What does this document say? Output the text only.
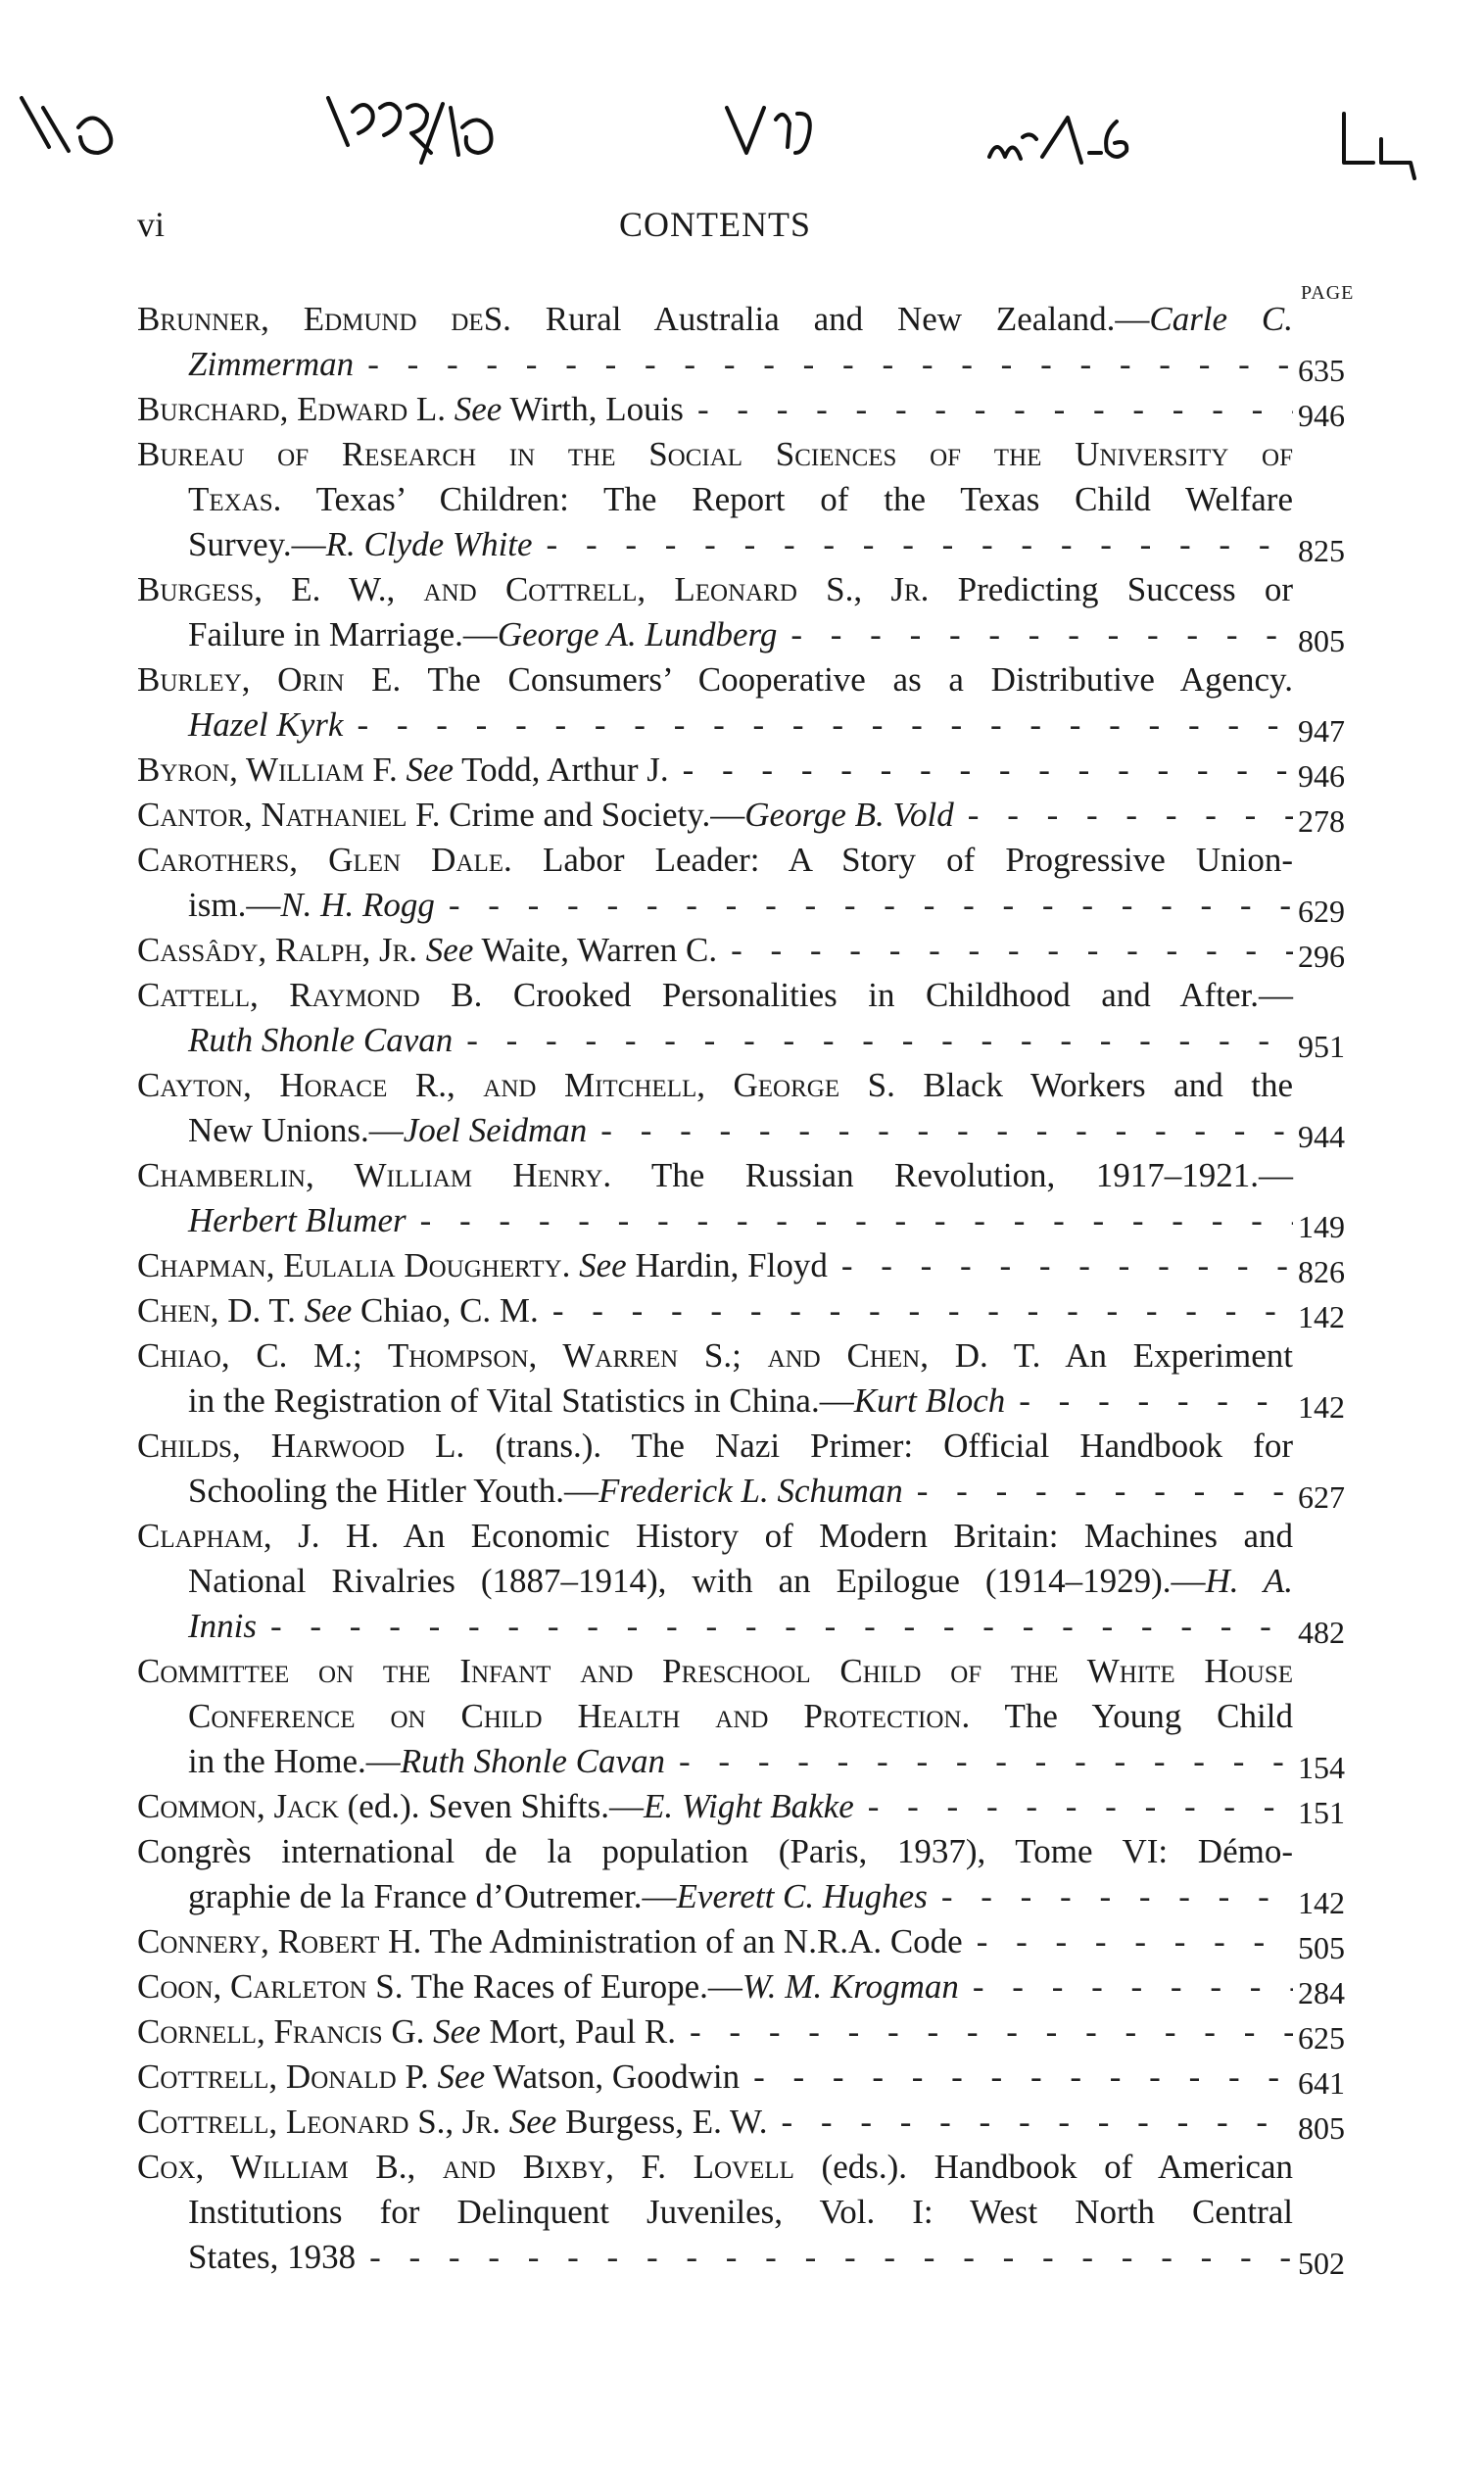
vi	CONTENTS
PAGE
Brunner, Edmund deS. Rural Australia and New Zealand.—Carle C.
Zimmerman - - -	635
Burchard, Edward L. See Wirth, Louis - - -	946
Bureau of Research in the Social Sciences of the University of
Texas. Texas’ Children: The Report of the Texas Child Welfare
Survey.—R. Clyde White - - -	825
Burgess, E. W., and Cottrell, Leonard S., Jr. Predicting Success or
Failure in Marriage.—George A. Lundberg - - -	805
Burley, Orin E. The Consumers’ Cooperative as a Distributive Agency.
Hazel Kyrk - - -	947
Byron, William F. See Todd, Arthur J. - - -	946
Cantor, Nathaniel F. Crime and Society.—George B. Vold - - -	278
Carothers, Glen Dale. Labor Leader: A Story of Progressive Union-
ism.—N. H. Rogg - - -	629
Cassâdy, Ralph, Jr. See Waite, Warren C. - - -	296
Cattell, Raymond B. Crooked Personalities in Childhood and After.—
Ruth Shonle Cavan - - -	951
Cayton, Horace R., and Mitchell, George S. Black Workers and the
New Unions.—Joel Seidman - - -	944
Chamberlin, William Henry. The Russian Revolution, 1917–1921.—
Herbert Blumer - - -	149
Chapman, Eulalia Dougherty. See Hardin, Floyd - - -	826
Chen, D. T. See Chiao, C. M. - - -	142
Chiao, C. M.; Thompson, Warren S.; and Chen, D. T. An Experiment
in the Registration of Vital Statistics in China.—Kurt Bloch - - -	142
Childs, Harwood L. (trans.). The Nazi Primer: Official Handbook for
Schooling the Hitler Youth.—Frederick L. Schuman - - -	627
Clapham, J. H. An Economic History of Modern Britain: Machines and
National Rivalries (1887–1914), with an Epilogue (1914–1929).—H. A.
Innis - - -	482
Committee on the Infant and Preschool Child of the White House
Conference on Child Health and Protection. The Young Child
in the Home.—Ruth Shonle Cavan - - -	154
Common, Jack (ed.). Seven Shifts.—E. Wight Bakke - - -	151
Congrès international de la population (Paris, 1937), Tome VI: Démo-
graphie de la France d’Outremer.—Everett C. Hughes - - -	142
Connery, Robert H. The Administration of an N.R.A. Code - - -	505
Coon, Carleton S. The Races of Europe.—W. M. Krogman - - -	284
Cornell, Francis G. See Mort, Paul R. - - -	625
Cottrell, Donald P. See Watson, Goodwin - - -	641
Cottrell, Leonard S., Jr. See Burgess, E. W. - - -	805
Cox, William B., and Bixby, F. Lovell (eds.). Handbook of American
Institutions for Delinquent Juveniles, Vol. I: West North Central
States, 1938 - - -	502
